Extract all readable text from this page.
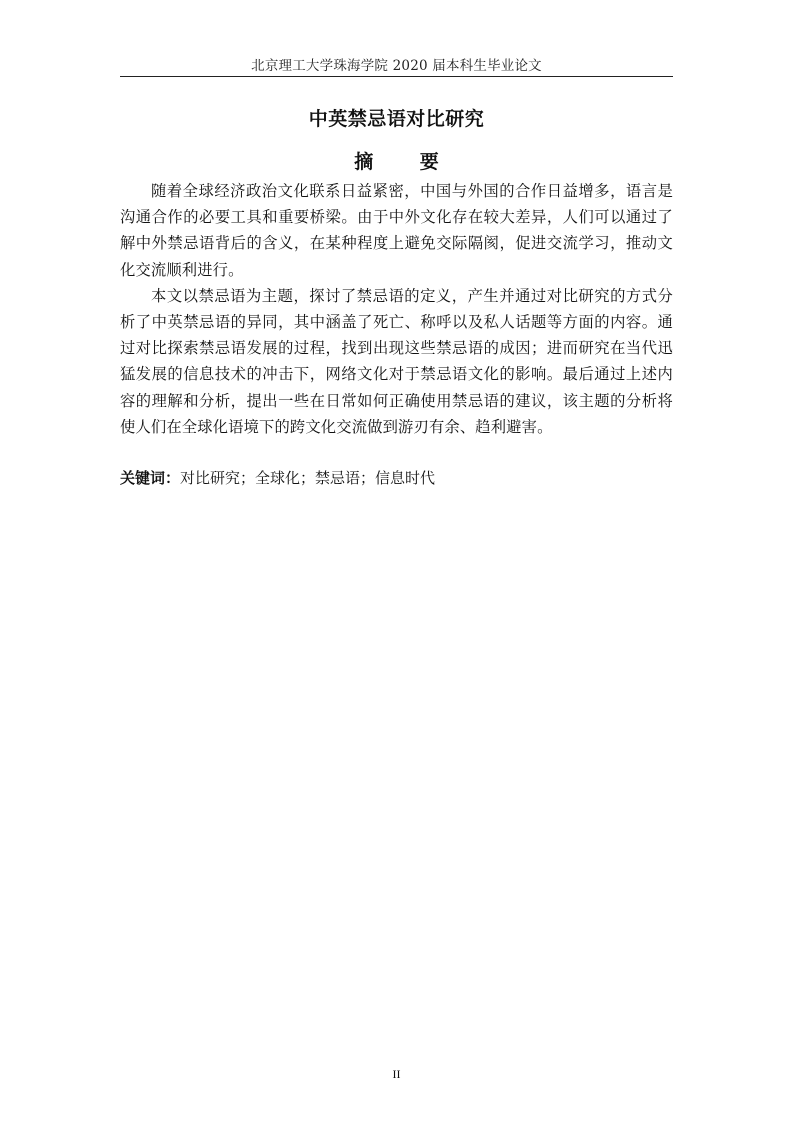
北京理工大学珠海学院 2020 届本科生毕业论文
中英禁忌语对比研究
摘 要

随着全球经济政治文化联系日益紧密，中国与外国的合作日益增多，语言是沟通合作的必要工具和重要桥梁。由于中外文化存在较大差异，人们可以通过了解中外禁忌语背后的含义，在某种程度上避免交际隔阂，促进交流学习，推动文化交流顺利进行。

本文以禁忌语为主题，探讨了禁忌语的定义，产生并通过对比研究的方式分析了中英禁忌语的异同，其中涵盖了死亡、称呼以及私人话题等方面的内容。通过对比探索禁忌语发展的过程，找到出现这些禁忌语的成因；进而研究在当代迅猛发展的信息技术的冲击下，网络文化对于禁忌语文化的影响。最后通过上述内容的理解和分析，提出一些在日常如何正确使用禁忌语的建议，该主题的分析将使人们在全球化语境下的跨文化交流做到游刃有余、趋利避害。

关键词：对比研究；全球化；禁忌语；信息时代
II
